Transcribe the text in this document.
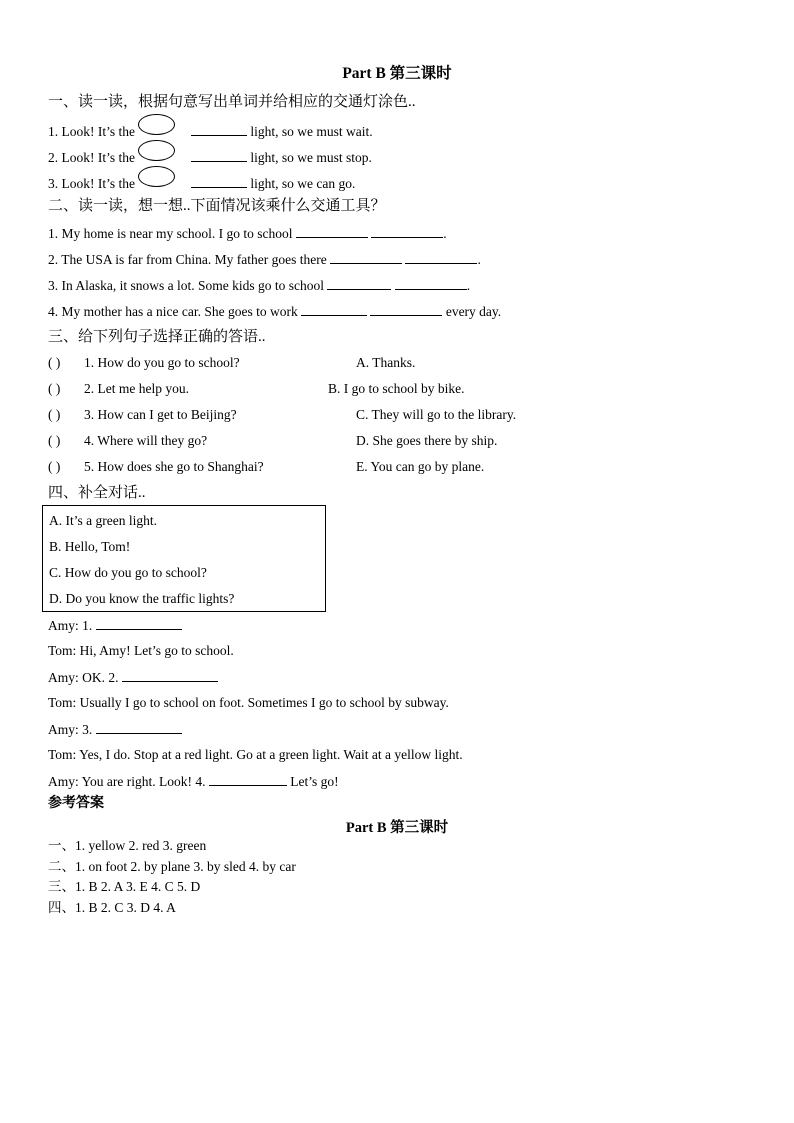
Part B 第三课时
一、读一读，根据句意写出单词并给相应的交通灯涂色..
1. Look! It’s the	light, so we must wait.
2. Look! It’s the	light, so we must stop.
3. Look! It’s the	light, so we can go.
二、读一读，想一想..下面情况该乘什么交通工具？
1. My home is near my school. I go to school	.
2. The USA is far from China. My father goes there	.
3. In Alaska, it snows a lot. Some kids go to school	.
4. My mother has a nice car. She goes to work	every day.
三、给下列句子选择正确的答语..
( ) 1. How do you go to school?	A. Thanks.
( ) 2. Let me help you.	B. I go to school by bike.
( ) 3. How can I get to Beijing?	C. They will go to the library.
( ) 4. Where will they go?	D. She goes there by ship.
( ) 5. How does she go to Shanghai?	E. You can go by plane.
四、补全对话..
A. It’s a green light.
B. Hello, Tom!
C. How do you go to school?
D. Do you know the traffic lights?
Amy: 1.
Tom: Hi, Amy! Let’s go to school.
Amy: OK. 2.
Tom: Usually I go to school on foot. Sometimes I go to school by subway.
Amy: 3.
Tom: Yes, I do. Stop at a red light. Go at a green light. Wait at a yellow light.
Amy: You are right. Look! 4.	Let’s go!
参考答案
Part B 第三课时
一、1. yellow 2. red 3. green
二、1. on foot 2. by plane 3. by sled 4. by car
三、1. B 2. A 3. E 4. C 5. D
四、1. B 2. C 3. D 4. A
